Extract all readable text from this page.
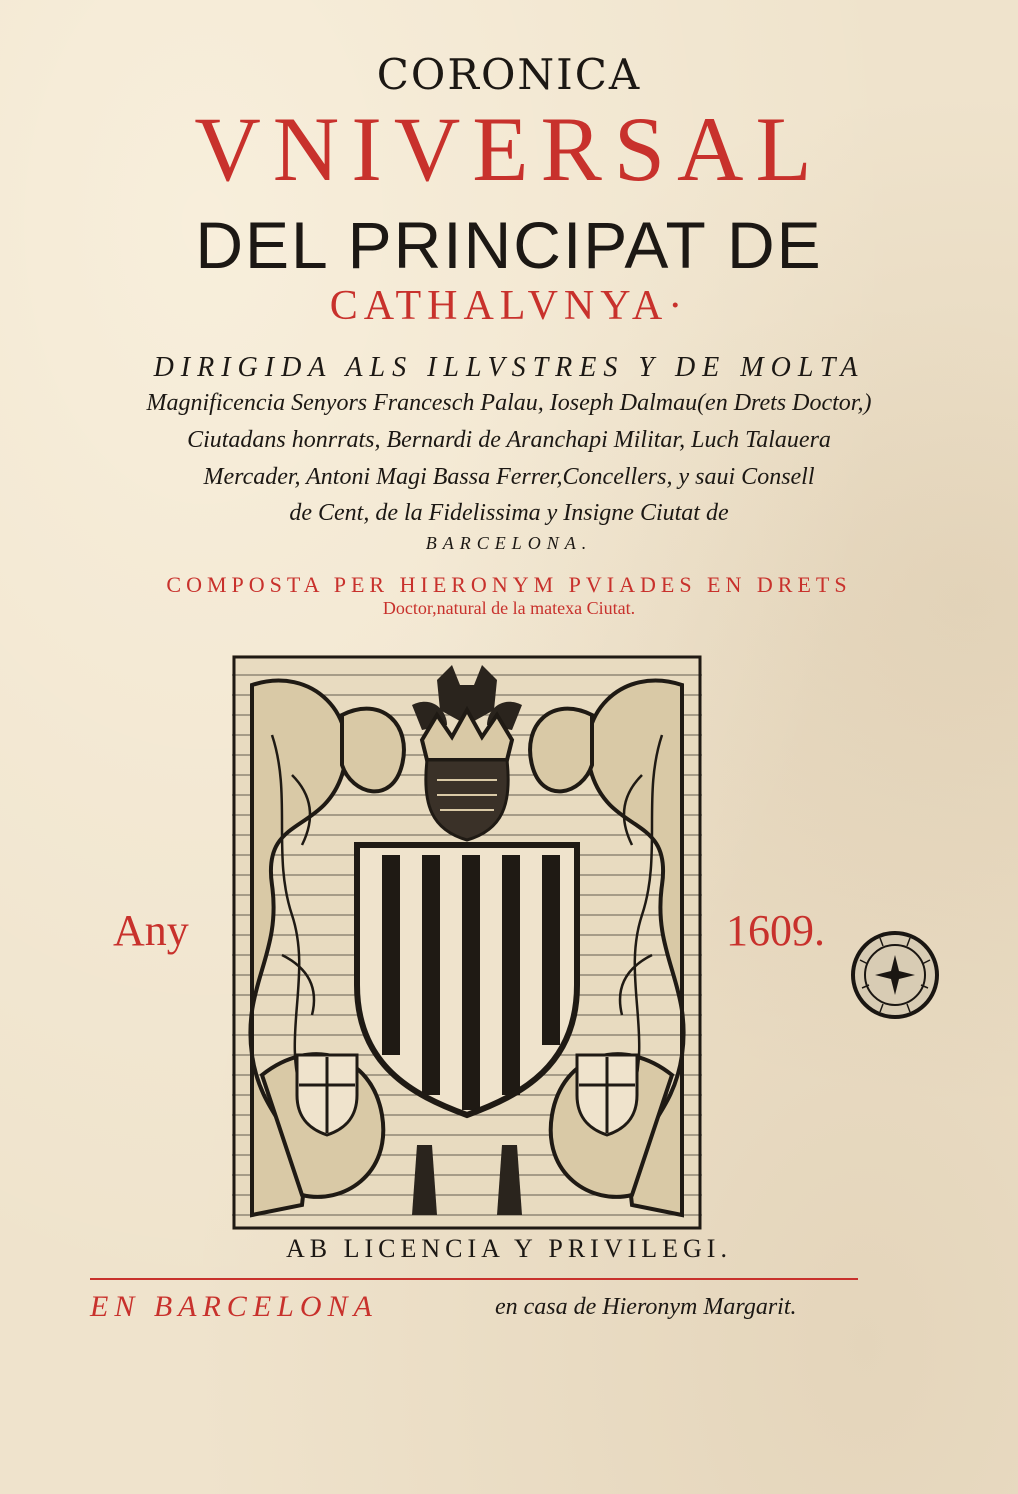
CORONICA
VNIVERSAL
DEL PRINCIPAT DE
CATHALVNYA·
DIRIGIDA ALS ILLVSTRES Y DE MOLTA
Magnificencia Senyors Francesch Palau, Ioseph Dalmau(en Drets Doctor,)
Ciutadans honrrats, Bernardi de Aranchapi Militar, Luch Talauera
Mercader, Antoni Magi Bassa Ferrer,Concellers, y saui Consell
de Cent, de la Fidelissima y Insigne Ciutat de
BARCELONA.
COMPOSTA PER HIERONYM PVIADES EN DRETS
Doctor,natural de la matexa Ciutat.
Any	1609.
AB LICENCIA Y PRIVILEGI.
EN BARCELONA	en casa de Hieronym Margarit.
